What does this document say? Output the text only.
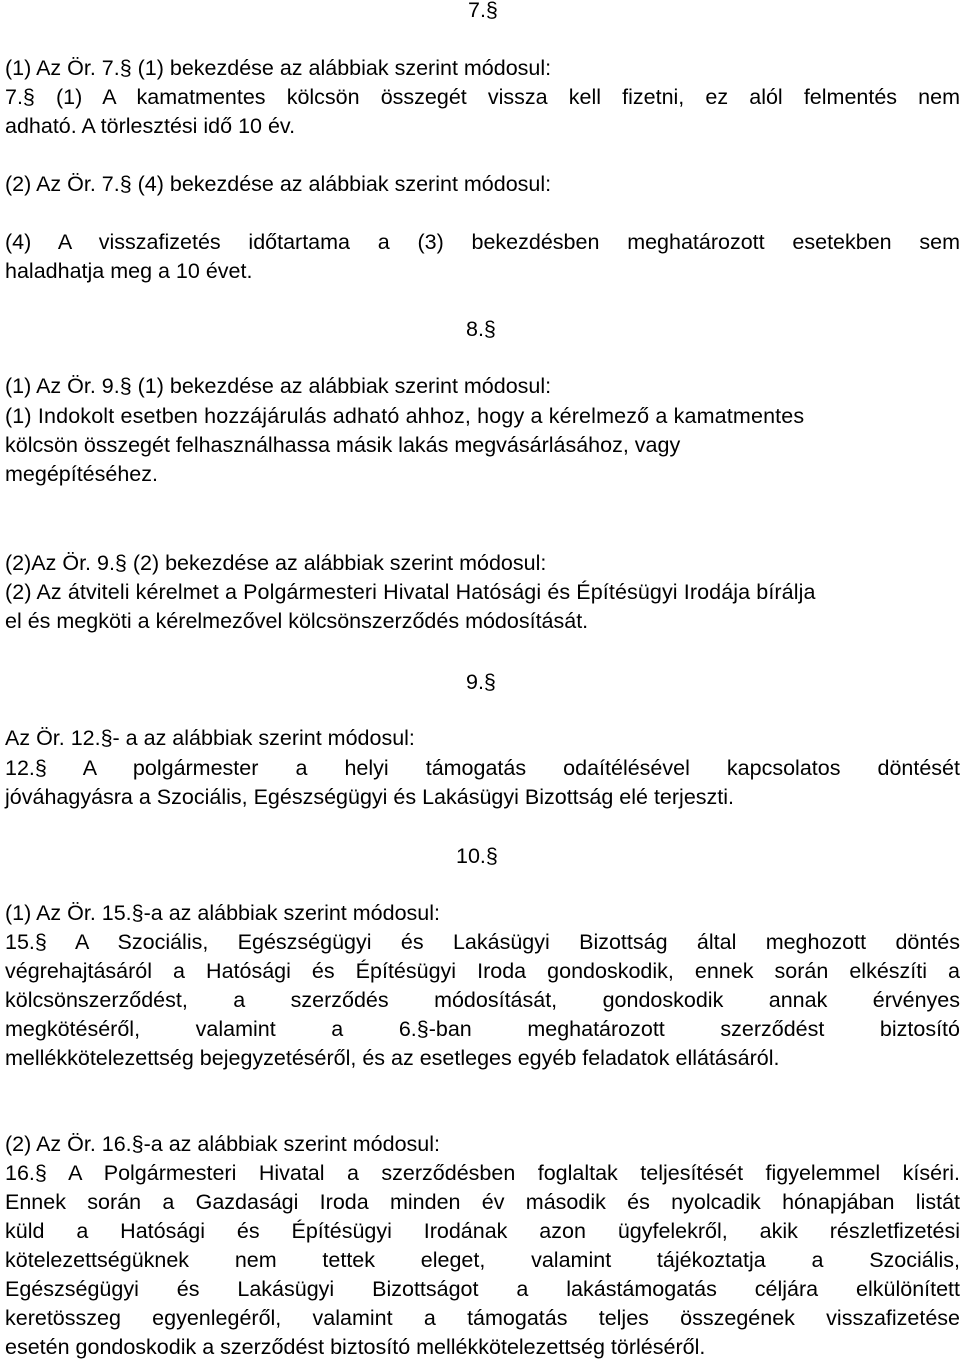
7.§
(1) Az Ör. 7.§ (1) bekezdése az alábbiak szerint módosul:
7.§ (1) A kamatmentes kölcsön összegét vissza kell fizetni, ez alól felmentés nem
adható. A törlesztési idő 10 év.
(2) Az Ör. 7.§ (4) bekezdése az alábbiak szerint módosul:
(4) A visszafizetés időtartama a (3) bekezdésben meghatározott esetekben sem
haladhatja meg a 10 évet.
8.§
(1) Az Ör. 9.§ (1) bekezdése az alábbiak szerint módosul:
(1) Indokolt esetben hozzájárulás adható ahhoz, hogy a kérelmező a kamatmentes
kölcsön összegét felhasználhassa másik lakás megvásárlásához, vagy
megépítéséhez.
(2)Az Ör. 9.§ (2) bekezdése az alábbiak szerint módosul:
(2) Az átviteli kérelmet a Polgármesteri Hivatal Hatósági és Építésügyi Irodája bírálja
el és megköti a kérelmezővel kölcsönszerződés módosítását.
9.§
Az Ör. 12.§- a az alábbiak szerint módosul:
12.§ A polgármester a helyi támogatás odaítélésével kapcsolatos döntését
jóváhagyásra a Szociális, Egészségügyi és Lakásügyi Bizottság elé terjeszti.
10.§
(1) Az Ör. 15.§-a az alábbiak szerint módosul:
15.§ A Szociális, Egészségügyi és Lakásügyi Bizottság által meghozott döntés
végrehajtásáról a Hatósági és Építésügyi Iroda gondoskodik, ennek során elkészíti a
kölcsönszerződést, a szerződés módosítását, gondoskodik annak érvényes
megkötéséről, valamint a 6.§-ban meghatározott szerződést biztosító
mellékkötelezettség bejegyzetéséről, és az esetleges egyéb feladatok ellátásáról.
(2) Az Ör. 16.§-a az alábbiak szerint módosul:
16.§ A Polgármesteri Hivatal a szerződésben foglaltak teljesítését figyelemmel kíséri.
Ennek során a Gazdasági Iroda minden év második és nyolcadik hónapjában listát
küld a Hatósági és Építésügyi Irodának azon ügyfelekről, akik részletfizetési
kötelezettségüknek nem tettek eleget, valamint tájékoztatja a Szociális,
Egészségügyi és Lakásügyi Bizottságot a lakástámogatás céljára elkülönített
keretösszeg egyenlegéről, valamint a támogatás teljes összegének visszafizetése
esetén gondoskodik a szerződést biztosító mellékkötelezettség törléséről.
